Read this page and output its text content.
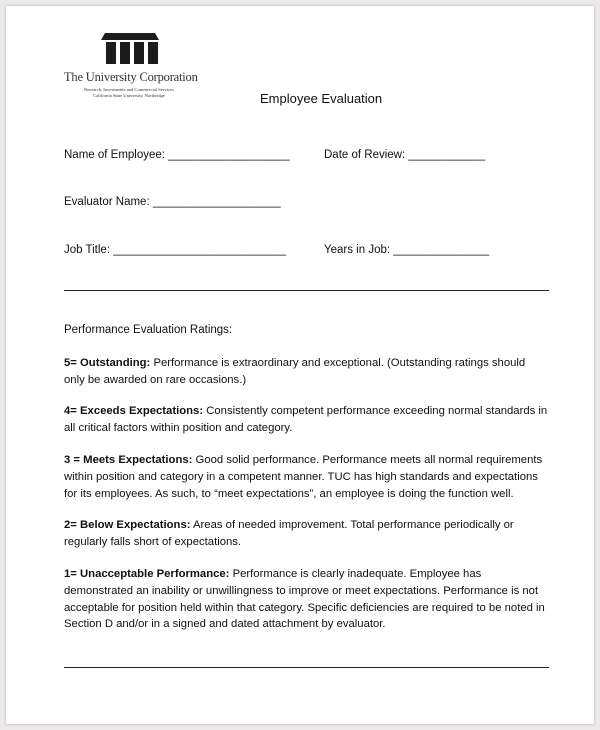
The University Corporation
Research, Investments and Commercial Services
California State University, Northridge	Employee Evaluation
Name of Employee: ___________________	Date of Review: ____________
Evaluator Name: ____________________
Job Title: ___________________________	Years in Job: _______________
Performance Evaluation Ratings:
5= Outstanding: Performance is extraordinary and exceptional. (Outstanding ratings should only be awarded on rare occasions.)
4= Exceeds Expectations: Consistently competent performance exceeding normal standards in all critical factors within position and category.
3 = Meets Expectations: Good solid performance. Performance meets all normal requirements within position and category in a competent manner. TUC has high standards and expectations for its employees. As such, to “meet expectations”, an employee is doing the function well.
2= Below Expectations: Areas of needed improvement. Total performance periodically or regularly falls short of expectations.
1= Unacceptable Performance: Performance is clearly inadequate. Employee has demonstrated an inability or unwillingness to improve or meet expectations. Performance is not acceptable for position held within that category. Specific deficiencies are required to be noted in Section D and/or in a signed and dated attachment by evaluator.
